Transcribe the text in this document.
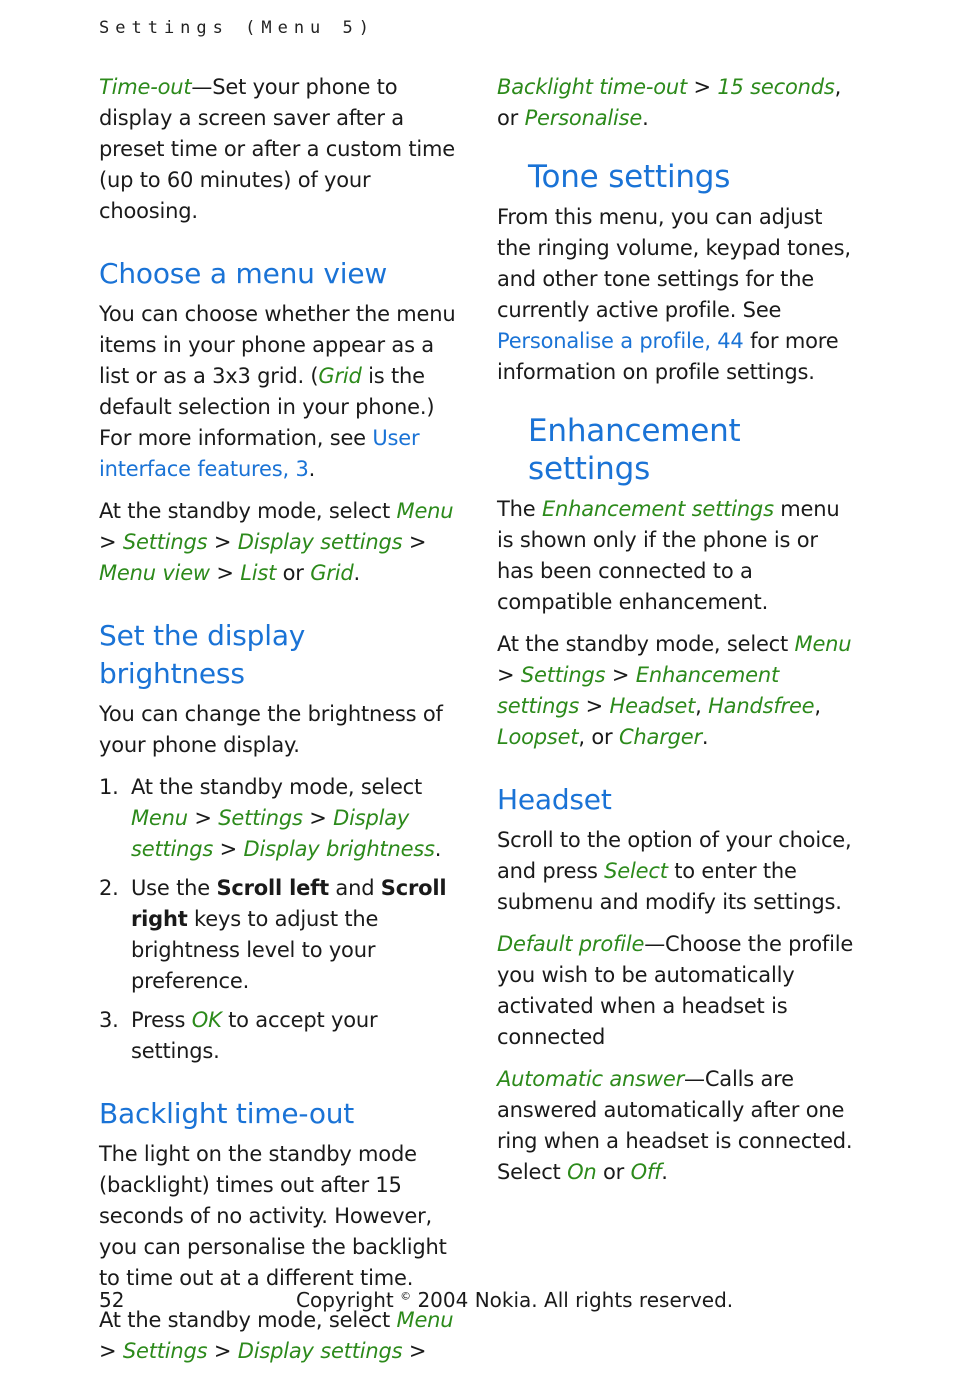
Settings (Menu 5)

Time-out—Set your phone to display a screen saver after a preset time or after a custom time (up to 60 minutes) of your choosing.

Choose a menu view

You can choose whether the menu items in your phone appear as a list or as a 3x3 grid. (Grid is the default selection in your phone.) For more information, see User interface features, 3.

At the standby mode, select Menu > Settings > Display settings > Menu view > List or Grid.

Set the display brightness

You can change the brightness of your phone display.

1. At the standby mode, select Menu > Settings > Display settings > Display brightness.
2. Use the Scroll left and Scroll right keys to adjust the brightness level to your preference.
3. Press OK to accept your settings.
Backlight time-out

The light on the standby mode (backlight) times out after 15 seconds of no activity. However, you can personalise the backlight to time out at a different time.

At the standby mode, select Menu > Settings > Display settings >

Backlight time-out > 15 seconds, or Personalise.

Tone settings

From this menu, you can adjust the ringing volume, keypad tones, and other tone settings for the currently active profile. See Personalise a profile, 44 for more information on profile settings.

Enhancement settings

The Enhancement settings menu is shown only if the phone is or has been connected to a compatible enhancement.

At the standby mode, select Menu > Settings > Enhancement settings > Headset, Handsfree, Loopset, or Charger.

Headset

Scroll to the option of your choice, and press Select to enter the submenu and modify its settings.

Default profile—Choose the profile you wish to be automatically activated when a headset is connected

Automatic answer—Calls are answered automatically after one ring when a headset is connected. Select On or Off.

52	Copyright © 2004 Nokia. All rights reserved.
